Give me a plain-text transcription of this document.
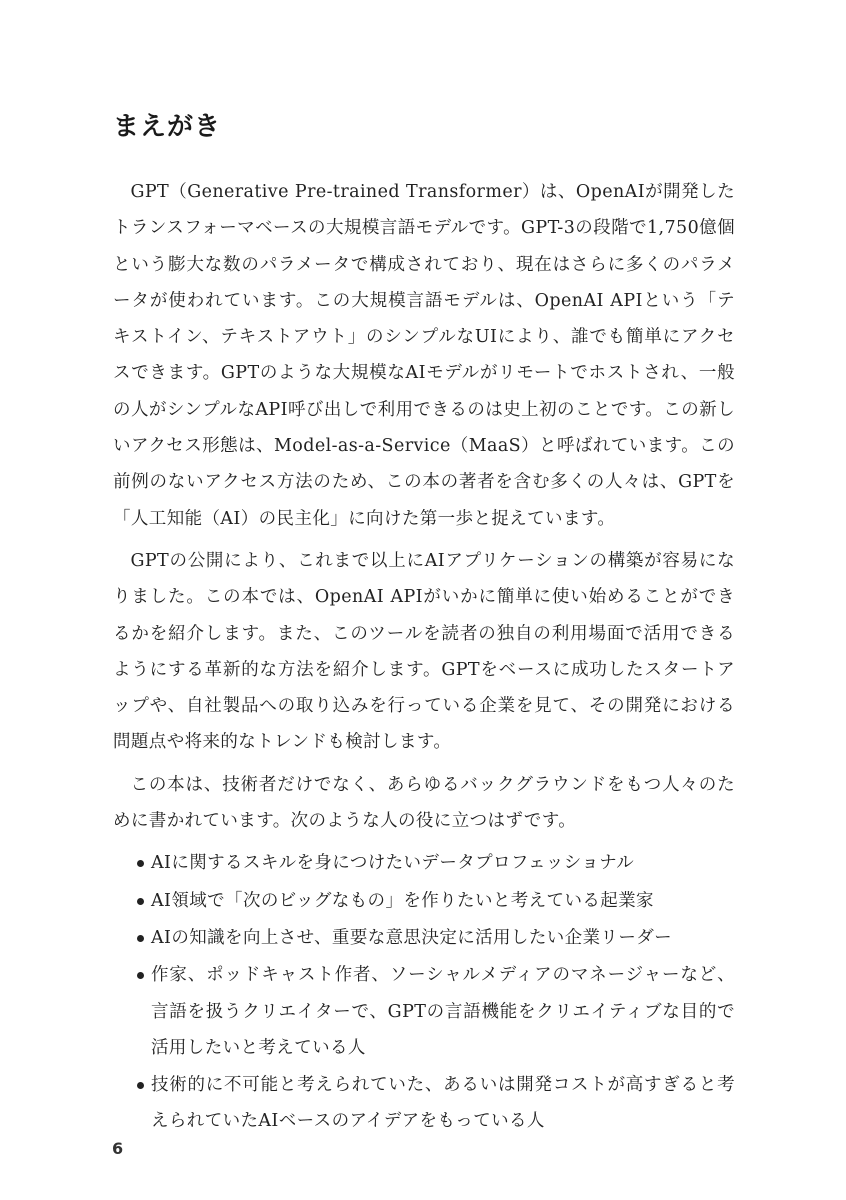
まえがき

GPT（Generative Pre-trained Transformer）は、OpenAIが開発したトランスフォーマベースの大規模言語モデルです。GPT-3の段階で1,750億個という膨大な数のパラメータで構成されており、現在はさらに多くのパラメータが使われています。この大規模言語モデルは、OpenAI APIという「テキストイン、テキストアウト」のシンプルなUIにより、誰でも簡単にアクセスできます。GPTのような大規模なAIモデルがリモートでホストされ、一般の人がシンプルなAPI呼び出しで利用できるのは史上初のことです。この新しいアクセス形態は、Model-as-a-Service（MaaS）と呼ばれています。この前例のないアクセス方法のため、この本の著者を含む多くの人々は、GPTを「人工知能（AI）の民主化」に向けた第一歩と捉えています。

GPTの公開により、これまで以上にAIアプリケーションの構築が容易になりました。この本では、OpenAI APIがいかに簡単に使い始めることができるかを紹介します。また、このツールを読者の独自の利用場面で活用できるようにする革新的な方法を紹介します。GPTをベースに成功したスタートアップや、自社製品への取り込みを行っている企業を見て、その開発における問題点や将来的なトレンドも検討します。

この本は、技術者だけでなく、あらゆるバックグラウンドをもつ人々のために書かれています。次のような人の役に立つはずです。

AIに関するスキルを身につけたいデータプロフェッショナル
AI領域で「次のビッグなもの」を作りたいと考えている起業家
AIの知識を向上させ、重要な意思決定に活用したい企業リーダー
作家、ポッドキャスト作者、ソーシャルメディアのマネージャーなど、言語を扱うクリエイターで、GPTの言語機能をクリエイティブな目的で活用したいと考えている人
技術的に不可能と考えられていた、あるいは開発コストが高すぎると考えられていたAIベースのアイデアをもっている人
6
